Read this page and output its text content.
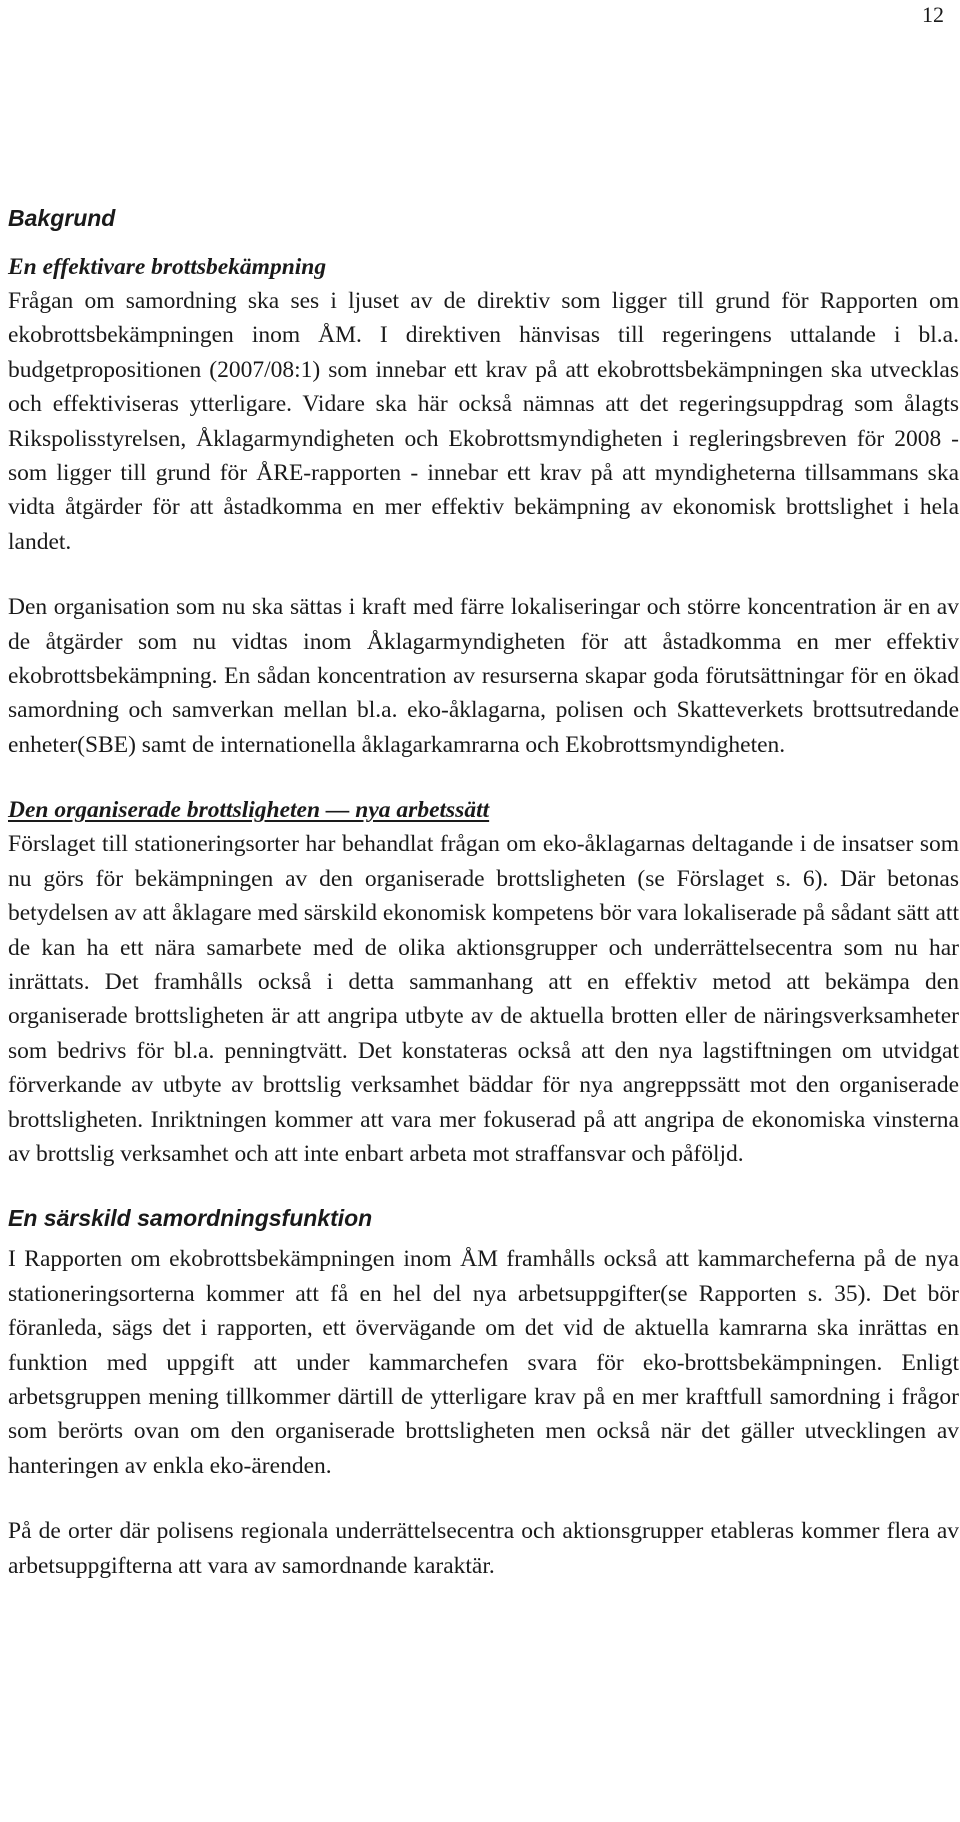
12
Bakgrund
En effektivare brottsbekämpning

Frågan om samordning ska ses i ljuset av de direktiv som ligger till grund för Rapporten om ekobrottsbekämpningen inom ÅM. I direktiven hänvisas till regeringens uttalande i bl.a. budgetpropositionen (2007/08:1) som innebar ett krav på att ekobrottsbekämpningen ska utvecklas och effektiviseras ytterligare. Vidare ska här också nämnas att det regeringsuppdrag som ålagts Rikspolisstyrelsen, Åklagarmyndigheten och Ekobrottsmyndigheten i regleringsbreven för 2008 - som ligger till grund för ÅRE-rapporten - innebar ett krav på att myndigheterna tillsammans ska vidta åtgärder för att åstadkomma en mer effektiv bekämpning av ekonomisk brottslighet i hela landet.

Den organisation som nu ska sättas i kraft med färre lokaliseringar och större koncentration är en av de åtgärder som nu vidtas inom Åklagarmyndigheten för att åstadkomma en mer effektiv ekobrottsbekämpning. En sådan koncentration av resurserna skapar goda förutsättningar för en ökad samordning och samverkan mellan bl.a. eko-åklagarna, polisen och Skatteverkets brottsutredande enheter(SBE) samt de internationella åklagarkamrarna och Ekobrottsmyndigheten.

Den organiserade brottsligheten — nya arbetssätt

Förslaget till stationeringsorter har behandlat frågan om eko-åklagarnas deltagande i de insatser som nu görs för bekämpningen av den organiserade brottsligheten (se Förslaget s. 6). Där betonas betydelsen av att åklagare med särskild ekonomisk kompetens bör vara lokaliserade på sådant sätt att de kan ha ett nära samarbete med de olika aktionsgrupper och underrättelsecentra som nu har inrättats. Det framhålls också i detta sammanhang att en effektiv metod att bekämpa den organiserade brottsligheten är att angripa utbyte av de aktuella brotten eller de näringsverksamheter som bedrivs för bl.a. penningtvätt. Det konstateras också att den nya lagstiftningen om utvidgat förverkande av utbyte av brottslig verksamhet bäddar för nya angreppssätt mot den organiserade brottsligheten. Inriktningen kommer att vara mer fokuserad på att angripa de ekonomiska vinsterna av brottslig verksamhet och att inte enbart arbeta mot straffansvar och påföljd.

En särskild samordningsfunktion

I Rapporten om ekobrottsbekämpningen inom ÅM framhålls också att kammarcheferna på de nya stationeringsorterna kommer att få en hel del nya arbetsuppgifter(se Rapporten s. 35). Det bör föranleda, sägs det i rapporten, ett övervägande om det vid de aktuella kamrarna ska inrättas en funktion med uppgift att under kammarchefen svara för eko-brottsbekämpningen. Enligt arbetsgruppen mening tillkommer därtill de ytterligare krav på en mer kraftfull samordning i frågor som berörts ovan om den organiserade brottsligheten men också när det gäller utvecklingen av hanteringen av enkla eko-ärenden.

På de orter där polisens regionala underrättelsecentra och aktionsgrupper etableras kommer flera av arbetsuppgifterna att vara av samordnande karaktär.
